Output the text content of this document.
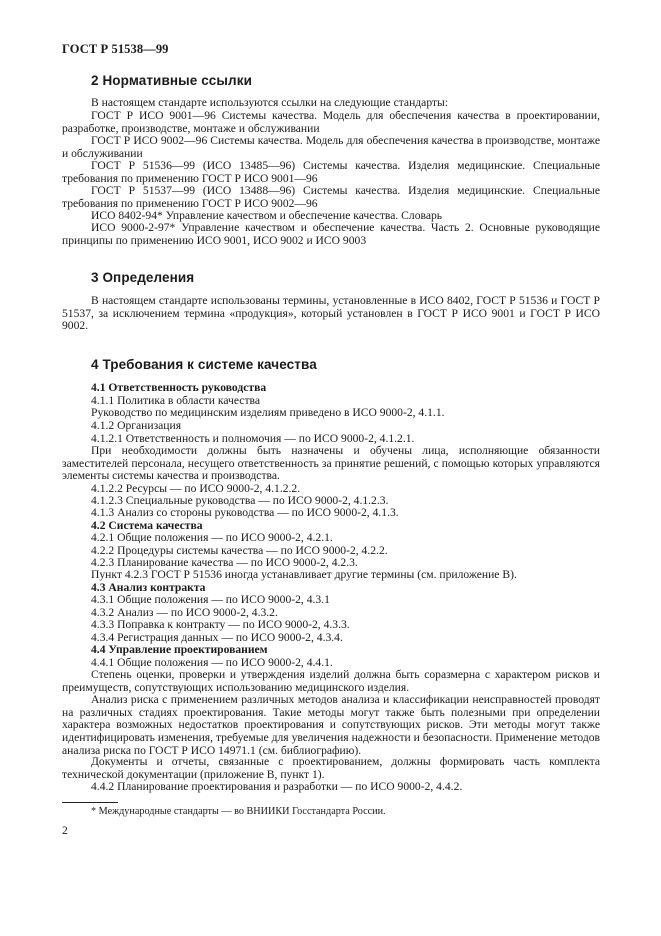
ГОСТ Р 51538—99
2 Нормативные ссылки
В настоящем стандарте используются ссылки на следующие стандарты:
ГОСТ Р ИСО 9001—96 Системы качества. Модель для обеспечения качества в проектировании, разработке, производстве, монтаже и обслуживании
ГОСТ Р ИСО 9002—96 Системы качества. Модель для обеспечения качества в производстве, монтаже и обслуживании
ГОСТ Р 51536—99 (ИСО 13485—96) Системы качества. Изделия медицинские. Специальные требования по применению ГОСТ Р ИСО 9001—96
ГОСТ Р 51537—99 (ИСО 13488—96) Системы качества. Изделия медицинские. Специальные требования по применению ГОСТ Р ИСО 9002—96
ИСО 8402-94* Управление качеством и обеспечение качества. Словарь
ИСО 9000-2-97* Управление качеством и обеспечение качества. Часть 2. Основные руководящие принципы по применению ИСО 9001, ИСО 9002 и ИСО 9003
3 Определения
В настоящем стандарте использованы термины, установленные в ИСО 8402, ГОСТ Р 51536 и ГОСТ Р 51537, за исключением термина «продукция», который установлен в ГОСТ Р ИСО 9001 и ГОСТ Р ИСО 9002.
4 Требования к системе качества
4.1 Ответственность руководства
4.1.1 Политика в области качества
Руководство по медицинским изделиям приведено в ИСО 9000-2, 4.1.1.
4.1.2 Организация
4.1.2.1 Ответственность и полномочия — по ИСО 9000-2, 4.1.2.1.
При необходимости должны быть назначены и обучены лица, исполняющие обязанности заместителей персонала, несущего ответственность за принятие решений, с помощью которых управляются элементы системы качества и производства.
4.1.2.2 Ресурсы — по ИСО 9000-2, 4.1.2.2.
4.1.2.3 Специальные руководства — по ИСО 9000-2, 4.1.2.3.
4.1.3 Анализ со стороны руководства — по ИСО 9000-2, 4.1.3.
4.2 Система качества
4.2.1 Общие положения — по ИСО 9000-2, 4.2.1.
4.2.2 Процедуры системы качества — по ИСО 9000-2, 4.2.2.
4.2.3 Планирование качества — по ИСО 9000-2, 4.2.3.
Пункт 4.2.3 ГОСТ Р 51536 иногда устанавливает другие термины (см. приложение В).
4.3 Анализ контракта
4.3.1 Общие положения — по ИСО 9000-2, 4.3.1
4.3.2 Анализ — по ИСО 9000-2, 4.3.2.
4.3.3 Поправка к контракту — по ИСО 9000-2, 4.3.3.
4.3.4 Регистрация данных — по ИСО 9000-2, 4.3.4.
4.4 Управление проектированием
4.4.1 Общие положения — по ИСО 9000-2, 4.4.1.
Степень оценки, проверки и утверждения изделий должна быть соразмерна с характером рисков и преимуществ, сопутствующих использованию медицинского изделия.
Анализ риска с применением различных методов анализа и классификации неисправностей проводят на различных стадиях проектирования. Такие методы могут также быть полезными при определении характера возможных недостатков проектирования и сопутствующих рисков. Эти методы могут также идентифицировать изменения, требуемые для увеличения надежности и безопасности. Применение методов анализа риска по ГОСТ Р ИСО 14971.1 (см. библиографию).
Документы и отчеты, связанные с проектированием, должны формировать часть комплекта технической документации (приложение В, пункт 1).
4.4.2 Планирование проектирования и разработки — по ИСО 9000-2, 4.4.2.
* Международные стандарты — во ВНИИКИ Госстандарта России.
2
